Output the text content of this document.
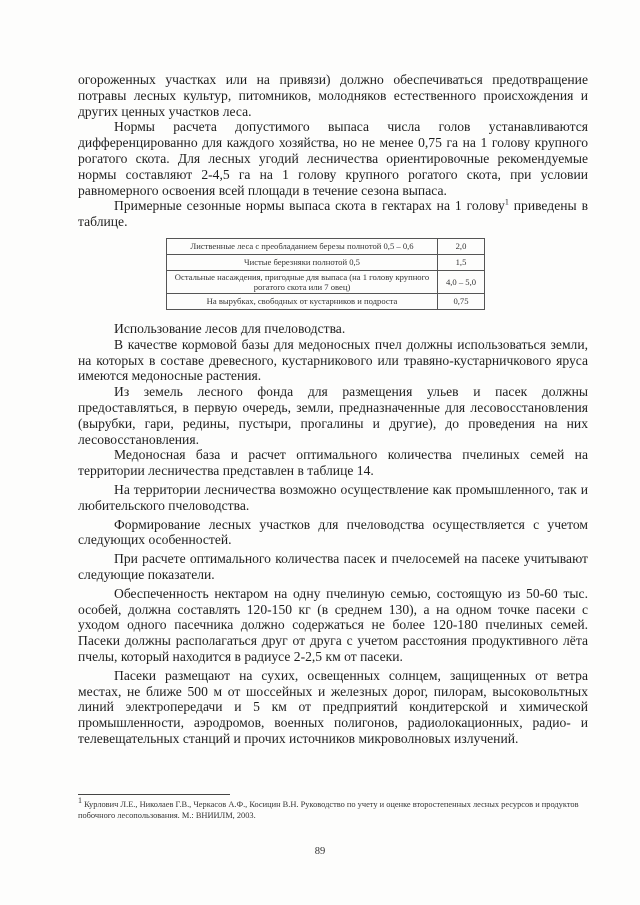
огороженных участках или на привязи) должно обеспечиваться предотвращение потравы лесных культур, питомников, молодняков естественного происхождения и других ценных участков леса.

Нормы расчета допустимого выпаса числа голов устанавливаются дифференцированно для каждого хозяйства, но не менее 0,75 га на 1 голову крупного рогатого скота. Для лесных угодий лесничества ориентировочные рекомендуемые нормы составляют 2-4,5 га на 1 голову крупного рогатого скота, при условии равномерного освоения всей площади в течение сезона выпаса.

Примерные сезонные нормы выпаса скота в гектарах на 1 голову$^1$ приведены в таблице.

Лиственные леса с преобладанием березы полнотой 0,5 – 0,6	2,0
Чистые березняки полнотой 0,5	1,5
Остальные насаждения, пригодные для выпаса (на 1 голову крупного рогатого скота или 7 овец)	4,0 – 5,0
На вырубках, свободных от кустарников и подроста	0,75

Использование лесов для пчеловодства.

В качестве кормовой базы для медоносных пчел должны использоваться земли, на которых в составе древесного, кустарникового или травяно-кустарничкового яруса имеются медоносные растения.

Из земель лесного фонда для размещения ульев и пасек должны предоставляться, в первую очередь, земли, предназначенные для лесовосстановления (вырубки, гари, редины, пустыри, прогалины и другие), до проведения на них лесовосстановления.

Медоносная база и расчет оптимального количества пчелиных семей на территории лесничества представлен в таблице 14.

На территории лесничества возможно осуществление как промышленного, так и любительского пчеловодства.

Формирование лесных участков для пчеловодства осуществляется с учетом следующих особенностей.

При расчете оптимального количества пасек и пчелосемей на пасеке учитывают следующие показатели.

Обеспеченность нектаром на одну пчелиную семью, состоящую из 50-60 тыс. особей, должна составлять 120-150 кг (в среднем 130), а на одном точке пасеки с уходом одного пасечника должно содержаться не более 120-180 пчелиных семей. Пасеки должны располагаться друг от друга с учетом расстояния продуктивного лёта пчелы, который находится в радиусе 2-2,5 км от пасеки.

Пасеки размещают на сухих, освещенных солнцем, защищенных от ветра местах, не ближе 500 м от шоссейных и железных дорог, пилорам, высоковольтных линий электропередачи и 5 км от предприятий кондитерской и химической промышленности, аэродромов, военных полигонов, радиолокационных, радио- и телевещательных станций и прочих источников микроволновых излучений.

$^1$ Курлович Л.Е., Николаев Г.В., Черкасов А.Ф., Косицин В.Н. Руководство по учету и оценке второстепенных лесных ресурсов и продуктов побочного лесопользования. М.: ВНИИЛМ, 2003.
89
